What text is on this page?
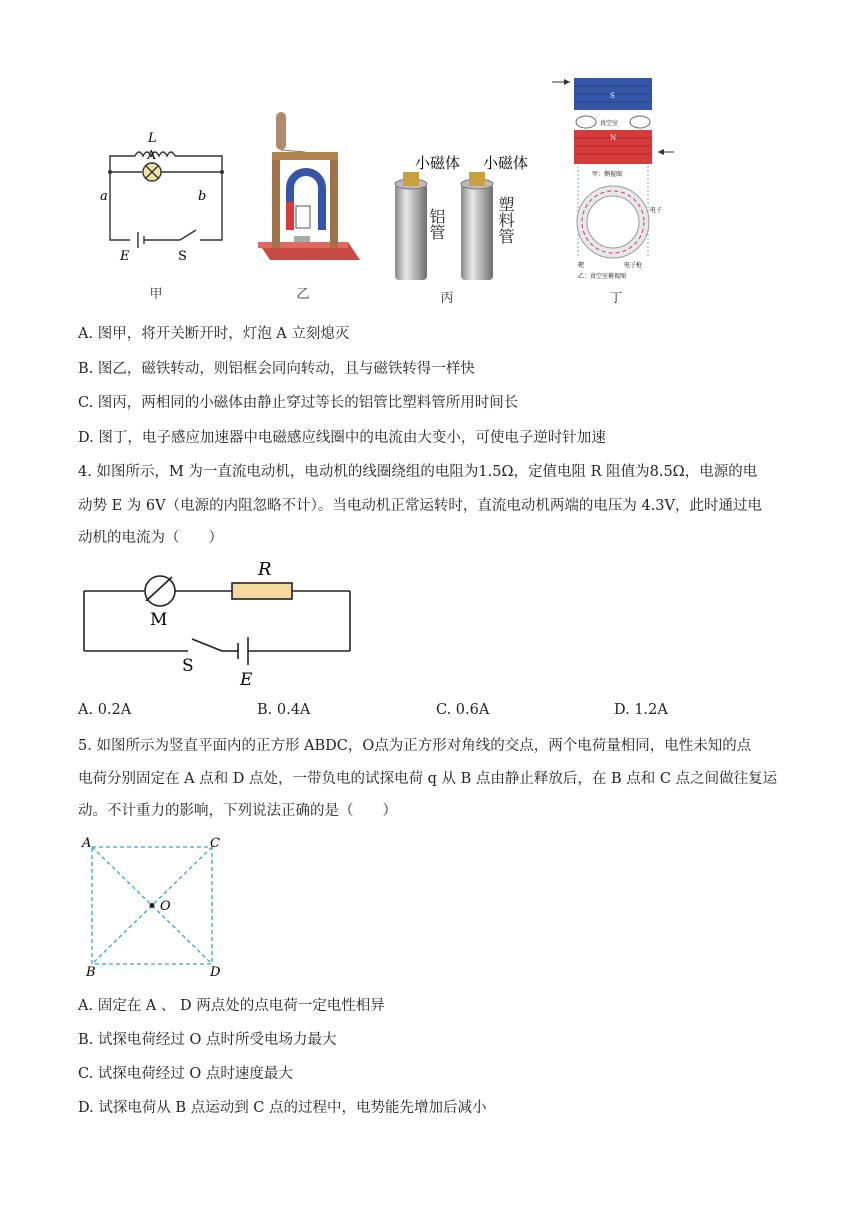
L
A
a	b
E	S
甲	乙
小磁体 小磁体
铝管	塑料管
丙
S
真空室
N
甲：侧视图
电子
靶	电子枪
乙：真空室俯视图
丁
A. 图甲，将开关断开时，灯泡 A 立刻熄灭
B. 图乙，磁铁转动，则铝框会同向转动，且与磁铁转得一样快
C. 图丙，两相同的小磁体由静止穿过等长的铝管比塑料管所用时间长
D. 图丁，电子感应加速器中电磁感应线圈中的电流由大变小，可使电子逆时针加速
4. 如图所示，M 为一直流电动机，电动机的线圈绕组的电阻为1.5Ω，定值电阻 R 阻值为8.5Ω，电源的电
动势 E 为 6V（电源的内阻忽略不计）。当电动机正常运转时，直流电动机两端的电压为 4.3V，此时通过电
动机的电流为（　　）
R
M
S
E
A. 0.2A	B. 0.4A	C. 0.6A	D. 1.2A
5. 如图所示为竖直平面内的正方形 ABDC，O点为正方形对角线的交点，两个电荷量相同，电性未知的点
电荷分别固定在 A 点和 D 点处，一带负电的试探电荷 q 从 B 点由静止释放后，在 B 点和 C 点之间做往复运
动。不计重力的影响，下列说法正确的是（　　）
A
B
C
D
O
A. 固定在 A 、 D 两点处的点电荷一定电性相异
B. 试探电荷经过 O 点时所受电场力最大
C. 试探电荷经过 O 点时速度最大
D. 试探电荷从 B 点运动到 C 点的过程中，电势能先增加后减小
